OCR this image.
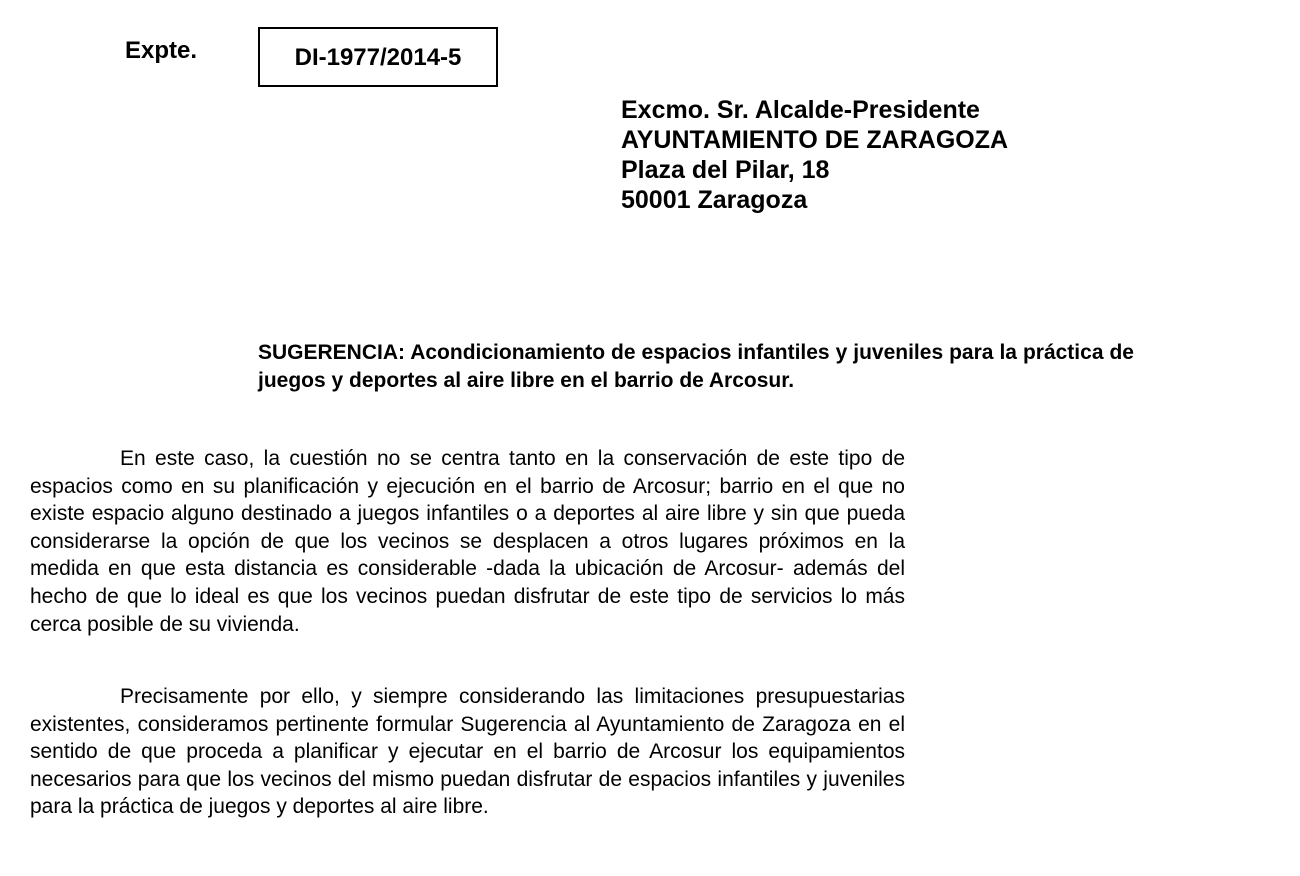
Expte.	DI-1977/2014-5
Excmo. Sr. Alcalde-Presidente
AYUNTAMIENTO DE ZARAGOZA
Plaza del Pilar, 18
50001 Zaragoza
SUGERENCIA: Acondicionamiento de espacios infantiles y juveniles para la práctica de juegos y deportes al aire libre en el barrio de Arcosur.

En este caso, la cuestión no se centra tanto en la conservación de este tipo de espacios como en su planificación y ejecución en el barrio de Arcosur; barrio en el que no existe espacio alguno destinado a juegos infantiles o a deportes al aire libre y sin que pueda considerarse la opción de que los vecinos se desplacen a otros lugares próximos en la medida en que esta distancia es considerable -dada la ubicación de Arcosur- además del hecho de que lo ideal es que los vecinos puedan disfrutar de este tipo de servicios lo más cerca posible de su vivienda.

Precisamente por ello, y siempre considerando las limitaciones presupuestarias existentes, consideramos pertinente formular Sugerencia al Ayuntamiento de Zaragoza en el sentido de que proceda a planificar y ejecutar en el barrio de Arcosur los equipamientos necesarios para que los vecinos del mismo puedan disfrutar de espacios infantiles y juveniles para la práctica de juegos y deportes al aire libre.
